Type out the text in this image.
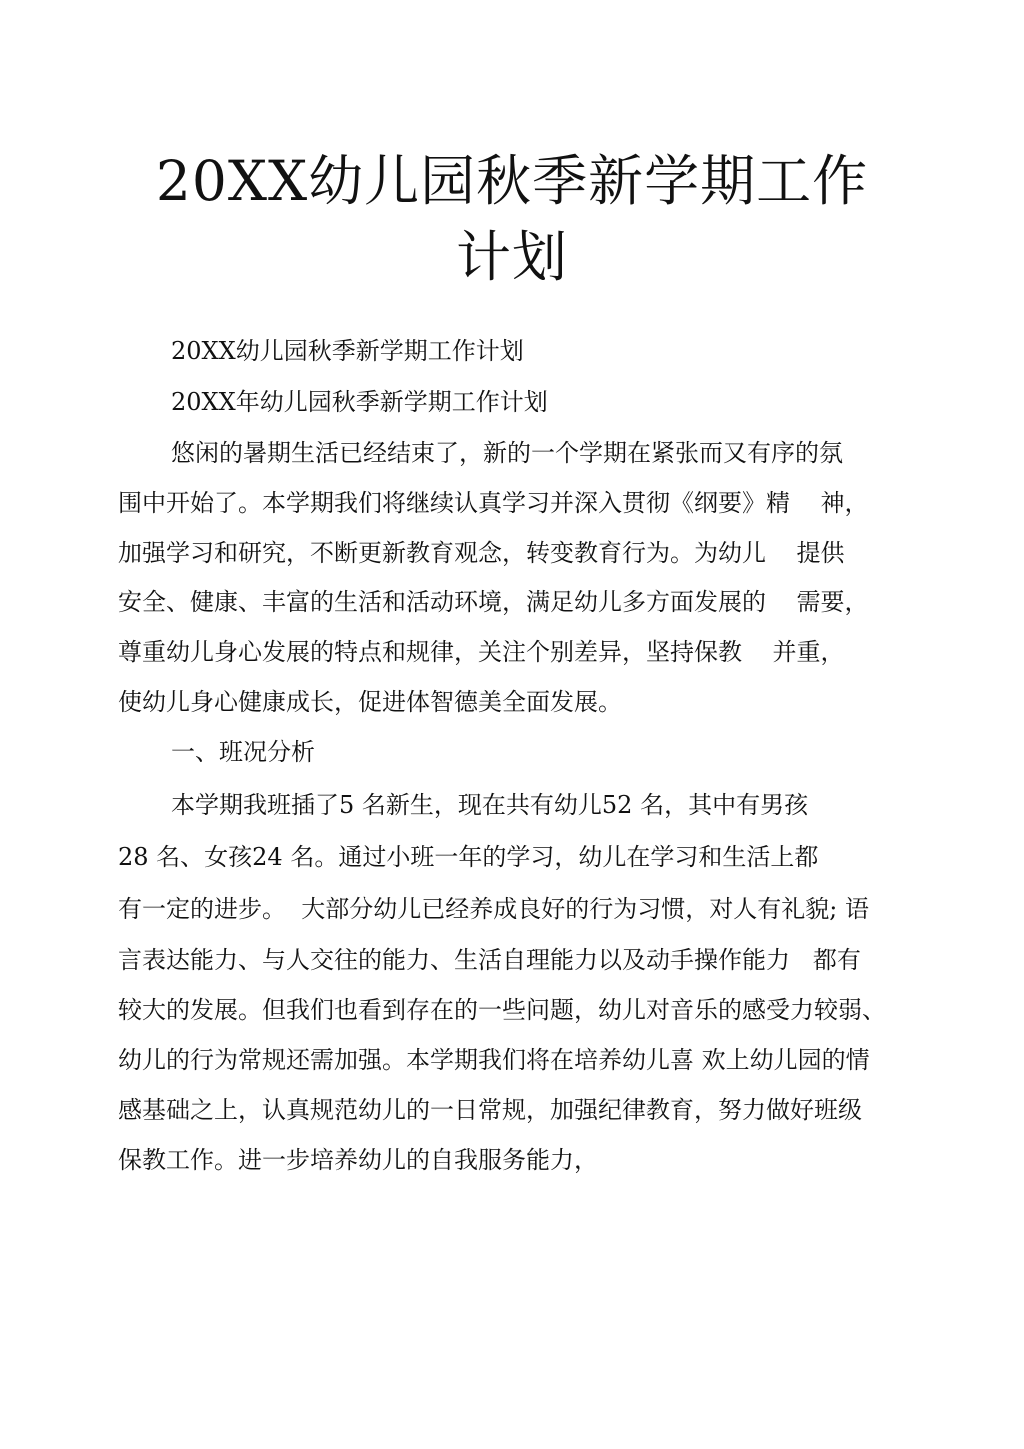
20XX幼儿园秋季新学期工作
计划
20XX幼儿园秋季新学期工作计划
20XX年幼儿园秋季新学期工作计划
悠闲的暑期生活已经结束了，新的一个学期在紧张而又有序的氛
围中开始了。本学期我们将继续认真学习并深入贯彻《纲要》精    神，
加强学习和研究，不断更新教育观念，转变教育行为。为幼儿    提供
安全、健康、丰富的生活和活动环境，满足幼儿多方面发展的    需要，
尊重幼儿身心发展的特点和规律，关注个别差异，坚持保教    并重，
使幼儿身心健康成长，促进体智德美全面发展。
一、班况分析
本学期我班插了5 名新生，现在共有幼儿52 名，其中有男孩
28 名、女孩24 名。通过小班一年的学习，幼儿在学习和生活上都
有一定的进步。  大部分幼儿已经养成良好的行为习惯，对人有礼貌; 语
言表达能力、与人交往的能力、生活自理能力以及动手操作能力   都有
较大的发展。但我们也看到存在的一些问题，幼儿对音乐的感受力较弱、
幼儿的行为常规还需加强。本学期我们将在培养幼儿喜 欢上幼儿园的情
感基础之上，认真规范幼儿的一日常规，加强纪律教育，努力做好班级
保教工作。进一步培养幼儿的自我服务能力，
